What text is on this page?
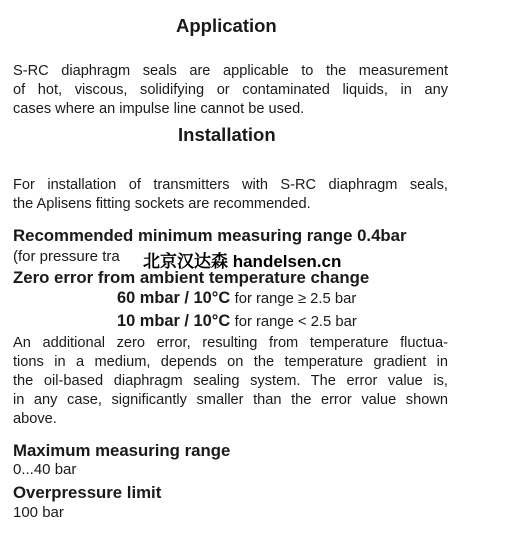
Application
S-RC diaphragm seals are applicable to the measurement
of hot, viscous, solidifying or contaminated liquids, in any
cases where an impulse line cannot be used.
Installation
For installation of transmitters with S-RC diaphragm seals,
the Aplisens fitting sockets are recommended.
Recommended minimum measuring range 0.4bar
(for pressure tra 北京汉达森 handelsen.cn
Zero error from ambient temperature change
60 mbar / 10°C for range ≥ 2.5 bar
10 mbar / 10°C for range < 2.5 bar
An additional zero error, resulting from temperature fluctua-
tions in a medium, depends on the temperature gradient in
the oil-based diaphragm sealing system. The error value is,
in any case, significantly smaller than the error value shown
above.
Maximum measuring range
0...40 bar
Overpressure limit
100 bar
